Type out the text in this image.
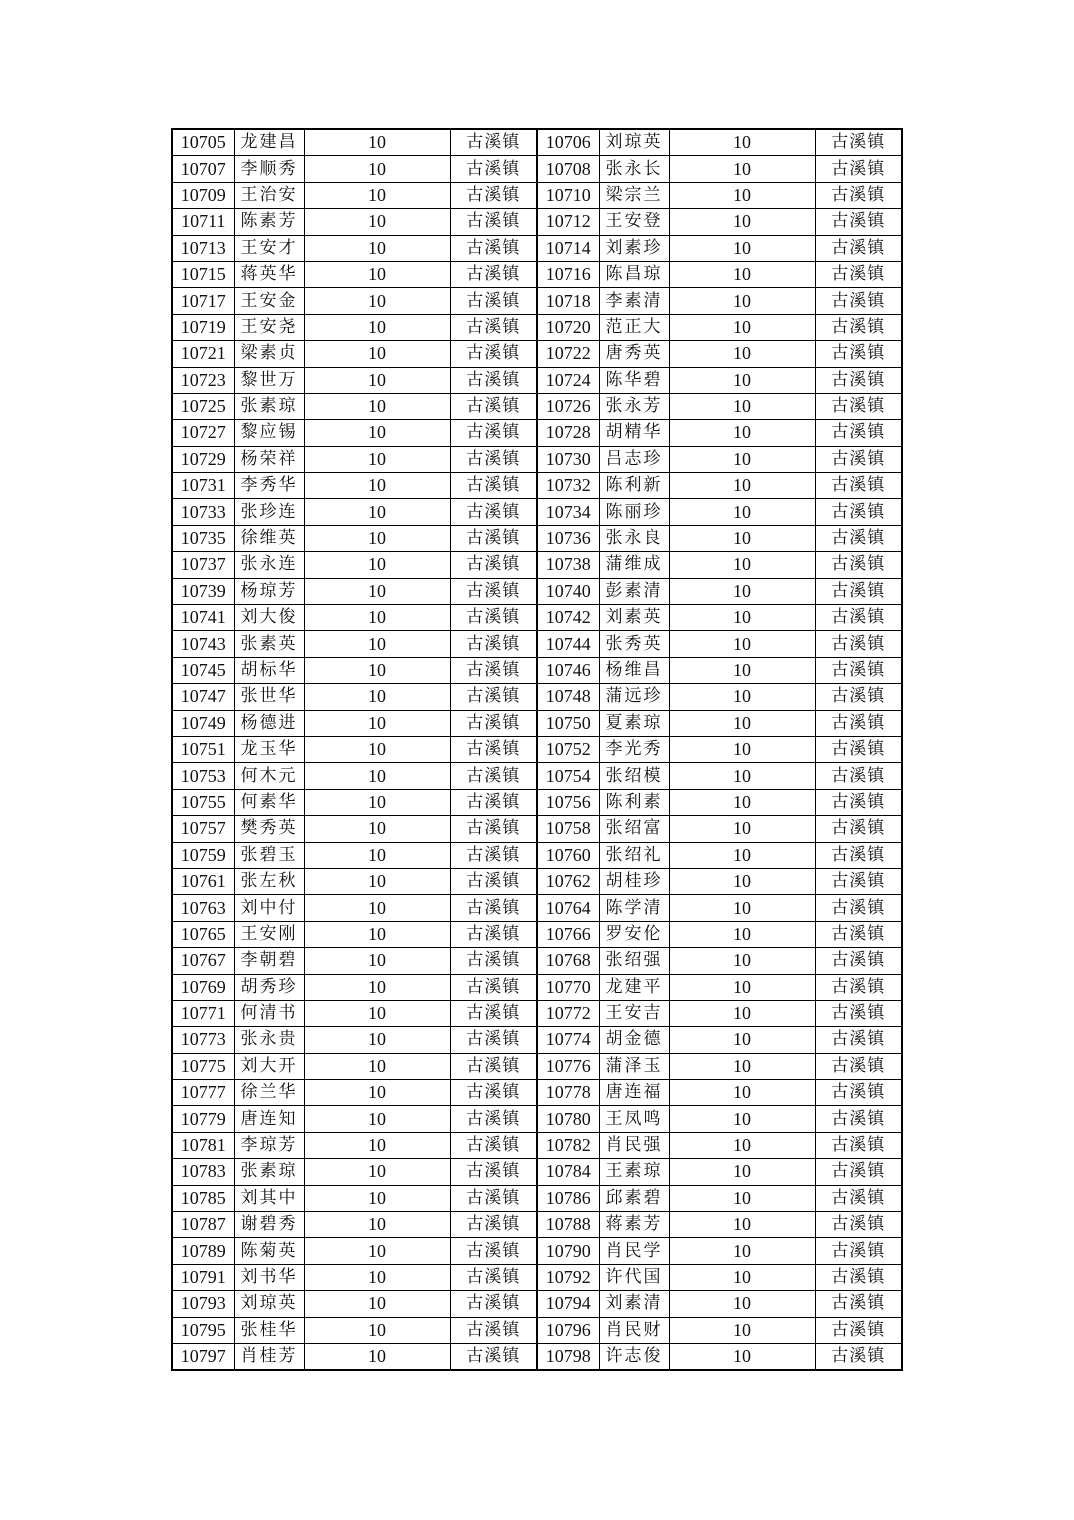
10705	龙建昌	10	古溪镇	10706	刘琼英	10	古溪镇
10707	李顺秀	10	古溪镇	10708	张永长	10	古溪镇
10709	王治安	10	古溪镇	10710	梁宗兰	10	古溪镇
10711	陈素芳	10	古溪镇	10712	王安登	10	古溪镇
10713	王安才	10	古溪镇	10714	刘素珍	10	古溪镇
10715	蒋英华	10	古溪镇	10716	陈昌琼	10	古溪镇
10717	王安金	10	古溪镇	10718	李素清	10	古溪镇
10719	王安尧	10	古溪镇	10720	范正大	10	古溪镇
10721	梁素贞	10	古溪镇	10722	唐秀英	10	古溪镇
10723	黎世万	10	古溪镇	10724	陈华碧	10	古溪镇
10725	张素琼	10	古溪镇	10726	张永芳	10	古溪镇
10727	黎应锡	10	古溪镇	10728	胡精华	10	古溪镇
10729	杨荣祥	10	古溪镇	10730	吕志珍	10	古溪镇
10731	李秀华	10	古溪镇	10732	陈利新	10	古溪镇
10733	张珍连	10	古溪镇	10734	陈丽珍	10	古溪镇
10735	徐维英	10	古溪镇	10736	张永良	10	古溪镇
10737	张永连	10	古溪镇	10738	蒲维成	10	古溪镇
10739	杨琼芳	10	古溪镇	10740	彭素清	10	古溪镇
10741	刘大俊	10	古溪镇	10742	刘素英	10	古溪镇
10743	张素英	10	古溪镇	10744	张秀英	10	古溪镇
10745	胡标华	10	古溪镇	10746	杨维昌	10	古溪镇
10747	张世华	10	古溪镇	10748	蒲远珍	10	古溪镇
10749	杨德进	10	古溪镇	10750	夏素琼	10	古溪镇
10751	龙玉华	10	古溪镇	10752	李光秀	10	古溪镇
10753	何木元	10	古溪镇	10754	张绍模	10	古溪镇
10755	何素华	10	古溪镇	10756	陈利素	10	古溪镇
10757	樊秀英	10	古溪镇	10758	张绍富	10	古溪镇
10759	张碧玉	10	古溪镇	10760	张绍礼	10	古溪镇
10761	张左秋	10	古溪镇	10762	胡桂珍	10	古溪镇
10763	刘中付	10	古溪镇	10764	陈学清	10	古溪镇
10765	王安刚	10	古溪镇	10766	罗安伦	10	古溪镇
10767	李朝碧	10	古溪镇	10768	张绍强	10	古溪镇
10769	胡秀珍	10	古溪镇	10770	龙建平	10	古溪镇
10771	何清书	10	古溪镇	10772	王安吉	10	古溪镇
10773	张永贵	10	古溪镇	10774	胡金德	10	古溪镇
10775	刘大开	10	古溪镇	10776	蒲泽玉	10	古溪镇
10777	徐兰华	10	古溪镇	10778	唐连福	10	古溪镇
10779	唐连知	10	古溪镇	10780	王凤鸣	10	古溪镇
10781	李琼芳	10	古溪镇	10782	肖民强	10	古溪镇
10783	张素琼	10	古溪镇	10784	王素琼	10	古溪镇
10785	刘其中	10	古溪镇	10786	邱素碧	10	古溪镇
10787	谢碧秀	10	古溪镇	10788	蒋素芳	10	古溪镇
10789	陈菊英	10	古溪镇	10790	肖民学	10	古溪镇
10791	刘书华	10	古溪镇	10792	许代国	10	古溪镇
10793	刘琼英	10	古溪镇	10794	刘素清	10	古溪镇
10795	张桂华	10	古溪镇	10796	肖民财	10	古溪镇
10797	肖桂芳	10	古溪镇	10798	许志俊	10	古溪镇
